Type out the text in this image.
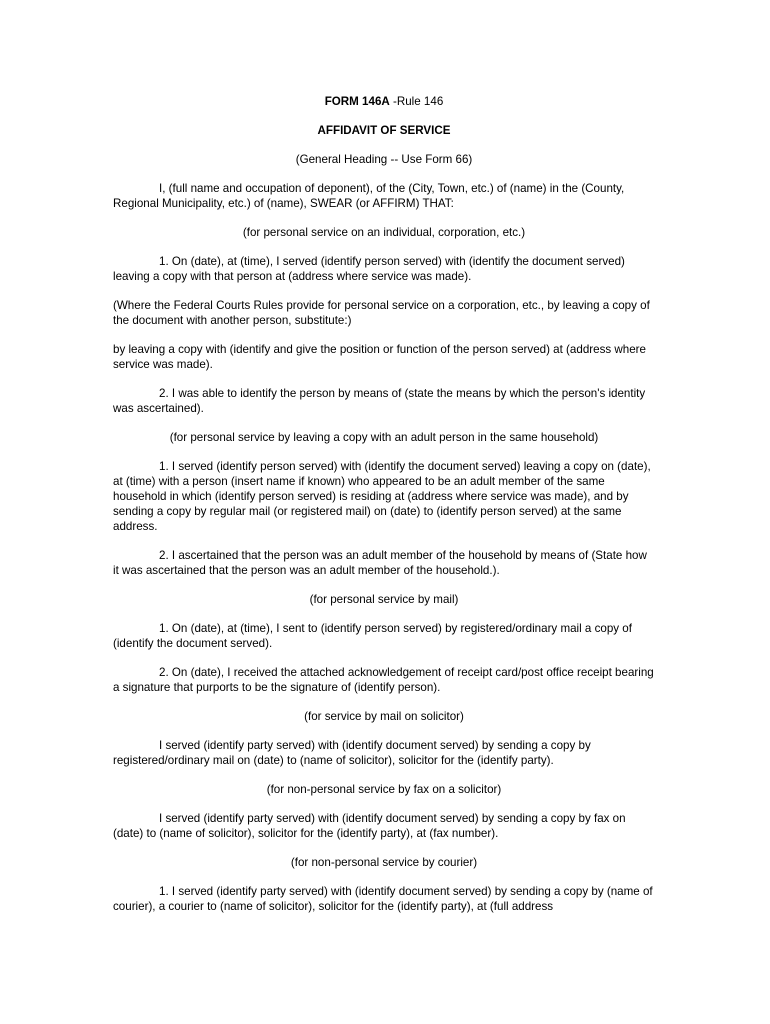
FORM 146A -Rule 146

AFFIDAVIT OF SERVICE

(General Heading -- Use Form 66)

I, (full name and occupation of deponent), of the (City, Town, etc.) of (name) in the (County, Regional Municipality, etc.) of (name), SWEAR (or AFFIRM) THAT:

(for personal service on an individual, corporation, etc.)

1. On (date), at (time), I served (identify person served) with (identify the document served) leaving a copy with that person at (address where service was made).

(Where the Federal Courts Rules provide for personal service on a corporation, etc., by leaving a copy of the document with another person, substitute:)

by leaving a copy with (identify and give the position or function of the person served) at (address where service was made).

2. I was able to identify the person by means of (state the means by which the person's identity was ascertained).

(for personal service by leaving a copy with an adult person in the same household)

1. I served (identify person served) with (identify the document served) leaving a copy on (date), at (time) with a person (insert name if known) who appeared to be an adult member of the same household in which (identify person served) is residing at (address where service was made), and by sending a copy by regular mail (or registered mail) on (date) to (identify person served) at the same address.

2. I ascertained that the person was an adult member of the household by means of (State how it was ascertained that the person was an adult member of the household.).

(for personal service by mail)

1. On (date), at (time), I sent to (identify person served) by registered/ordinary mail a copy of (identify the document served).

2. On (date), I received the attached acknowledgement of receipt card/post office receipt bearing a signature that purports to be the signature of (identify person).

(for service by mail on solicitor)

I served (identify party served) with (identify document served) by sending a copy by registered/ordinary mail on (date) to (name of solicitor), solicitor for the (identify party).

(for non-personal service by fax on a solicitor)

I served (identify party served) with (identify document served) by sending a copy by fax on (date) to (name of solicitor), solicitor for the (identify party), at (fax number).

(for non-personal service by courier)

1. I served (identify party served) with (identify document served) by sending a copy by (name of courier), a courier to (name of solicitor), solicitor for the (identify party), at (full address
